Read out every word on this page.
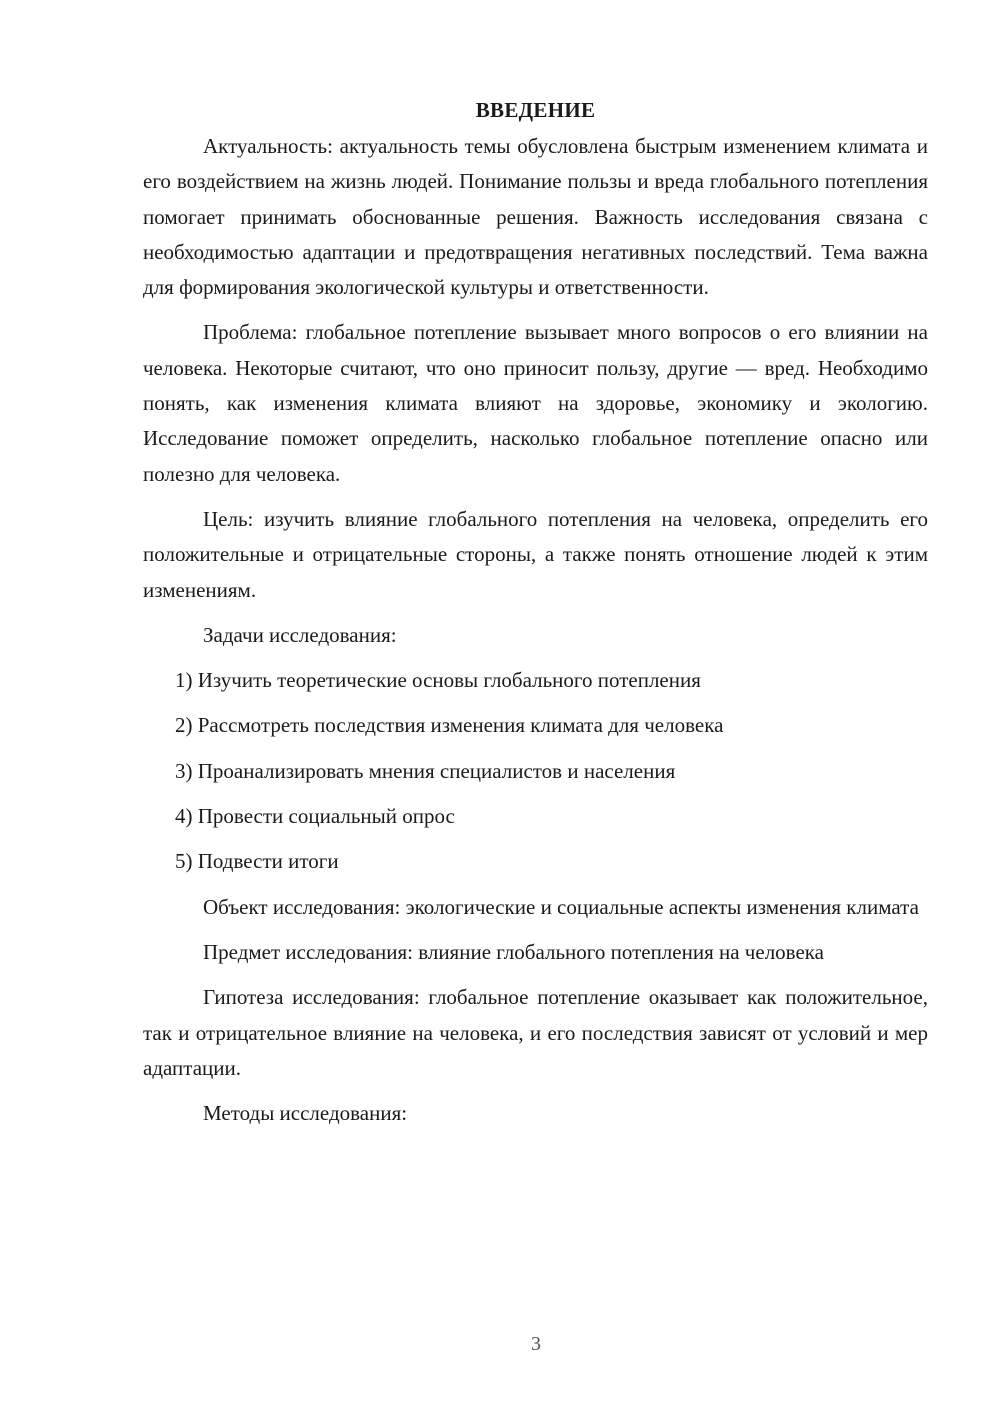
ВВЕДЕНИЕ

Актуальность: актуальность темы обусловлена быстрым изменением климата и его воздействием на жизнь людей. Понимание пользы и вреда глобального потепления помогает принимать обоснованные решения. Важность исследования связана с необходимостью адаптации и предотвращения негативных последствий. Тема важна для формирования экологической культуры и ответственности.

Проблема: глобальное потепление вызывает много вопросов о его влиянии на человека. Некоторые считают, что оно приносит пользу, другие — вред. Необходимо понять, как изменения климата влияют на здоровье, экономику и экологию. Исследование поможет определить, насколько глобальное потепление опасно или полезно для человека.

Цель: изучить влияние глобального потепления на человека, определить его положительные и отрицательные стороны, а также понять отношение людей к этим изменениям.

Задачи исследования:

1) Изучить теоретические основы глобального потепления
2) Рассмотреть последствия изменения климата для человека
3) Проанализировать мнения специалистов и населения
4) Провести социальный опрос
5) Подвести итоги

Объект исследования: экологические и социальные аспекты изменения климата

Предмет исследования: влияние глобального потепления на человека

Гипотеза исследования: глобальное потепление оказывает как положительное, так и отрицательное влияние на человека, и его последствия зависят от условий и мер адаптации.

Методы исследования:

3
